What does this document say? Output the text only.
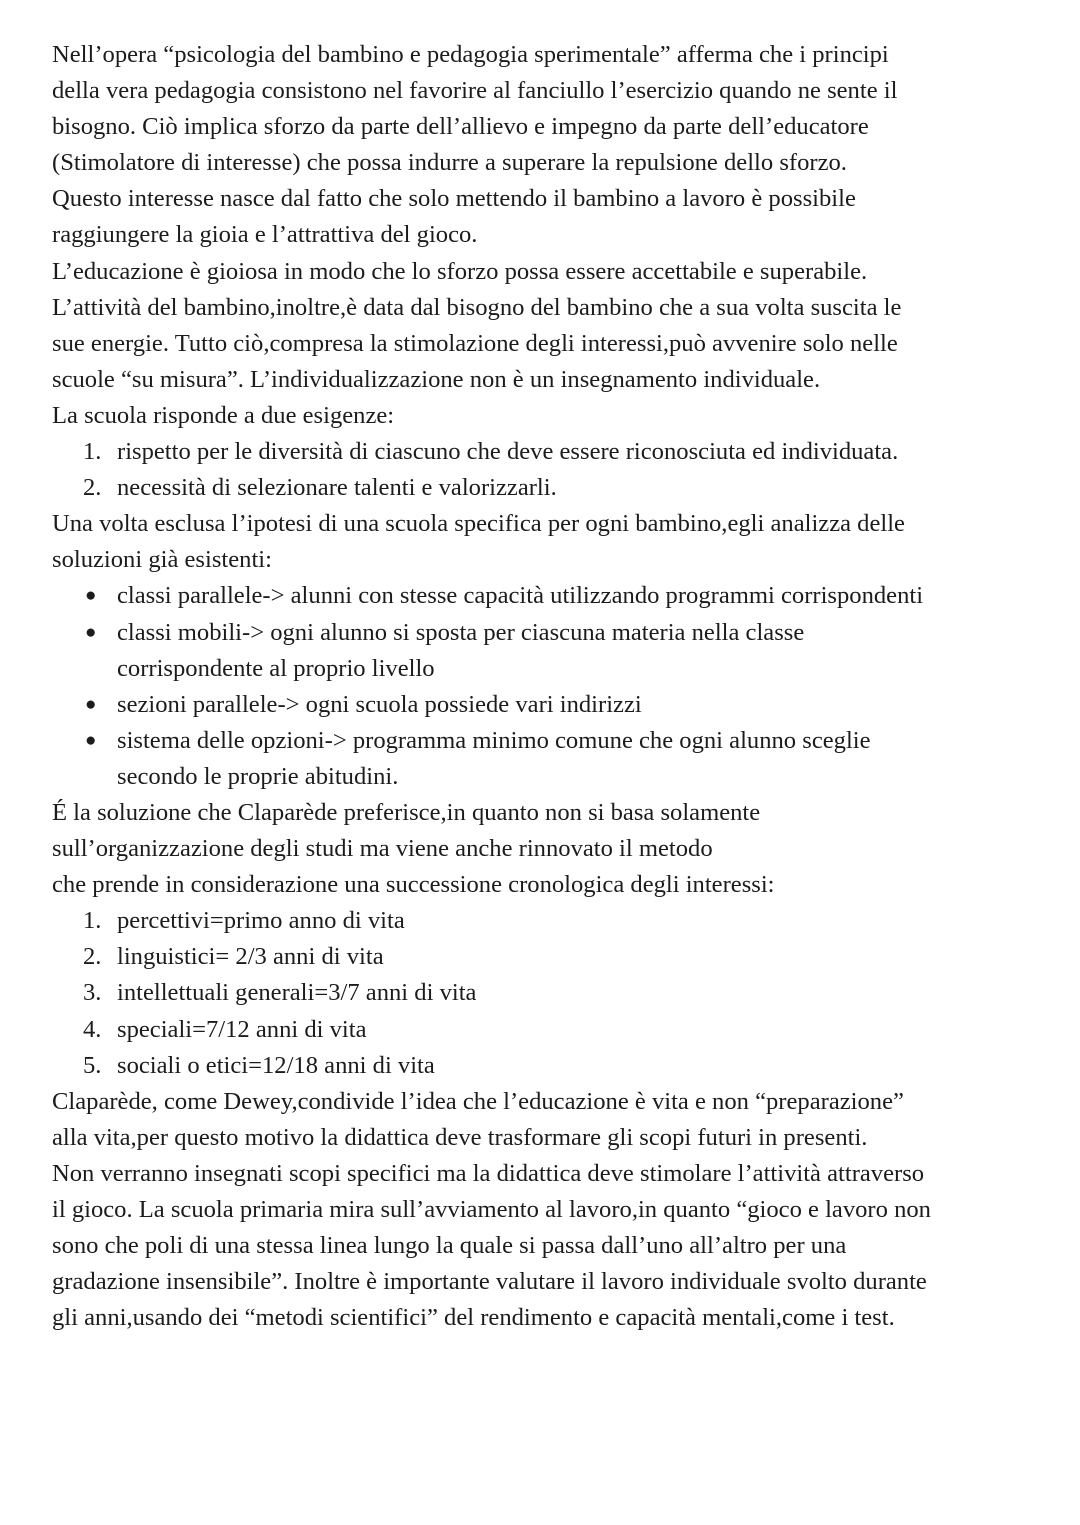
Nell’opera “psicologia del bambino e pedagogia sperimentale” afferma che i principi
della vera pedagogia consistono nel favorire al fanciullo l’esercizio quando ne sente il
bisogno. Ciò implica sforzo da parte dell’allievo e impegno da parte dell’educatore
(Stimolatore di interesse) che possa indurre a superare la repulsione dello sforzo.
Questo interesse nasce dal fatto che solo mettendo il bambino a lavoro è possibile
raggiungere la gioia e l’attrattiva del gioco.
L’educazione è gioiosa in modo che lo sforzo possa essere accettabile e superabile.
L’attività del bambino,inoltre,è data dal bisogno del bambino che a sua volta suscita le
sue energie. Tutto ciò,compresa la stimolazione degli interessi,può avvenire solo nelle
scuole “su misura”. L’individualizzazione non è un insegnamento individuale.
La scuola risponde a due esigenze:
1. rispetto per le diversità di ciascuno che deve essere riconosciuta ed individuata.
2. necessità di selezionare talenti e valorizzarli.
Una volta esclusa l’ipotesi di una scuola specifica per ogni bambino,egli analizza delle
soluzioni già esistenti:
● classi parallele-> alunni con stesse capacità utilizzando programmi corrispondenti
● classi mobili-> ogni alunno si sposta per ciascuna materia nella classe
corrispondente al proprio livello
● sezioni parallele-> ogni scuola possiede vari indirizzi
● sistema delle opzioni-> programma minimo comune che ogni alunno sceglie
secondo le proprie abitudini.
É la soluzione che Claparède preferisce,in quanto non si basa solamente
sull’organizzazione degli studi ma viene anche rinnovato il metodo
che prende in considerazione una successione cronologica degli interessi:
1. percettivi=primo anno di vita
2. linguistici= 2/3 anni di vita
3. intellettuali generali=3/7 anni di vita
4. speciali=7/12 anni di vita
5. sociali o etici=12/18 anni di vita
Claparède, come Dewey,condivide l’idea che l’educazione è vita e non “preparazione”
alla vita,per questo motivo la didattica deve trasformare gli scopi futuri in presenti.
Non verranno insegnati scopi specifici ma la didattica deve stimolare l’attività attraverso
il gioco. La scuola primaria mira sull’avviamento al lavoro,in quanto “gioco e lavoro non
sono che poli di una stessa linea lungo la quale si passa dall’uno all’altro per una
gradazione insensibile”. Inoltre è importante valutare il lavoro individuale svolto durante
gli anni,usando dei “metodi scientifici” del rendimento e capacità mentali,come i test.
